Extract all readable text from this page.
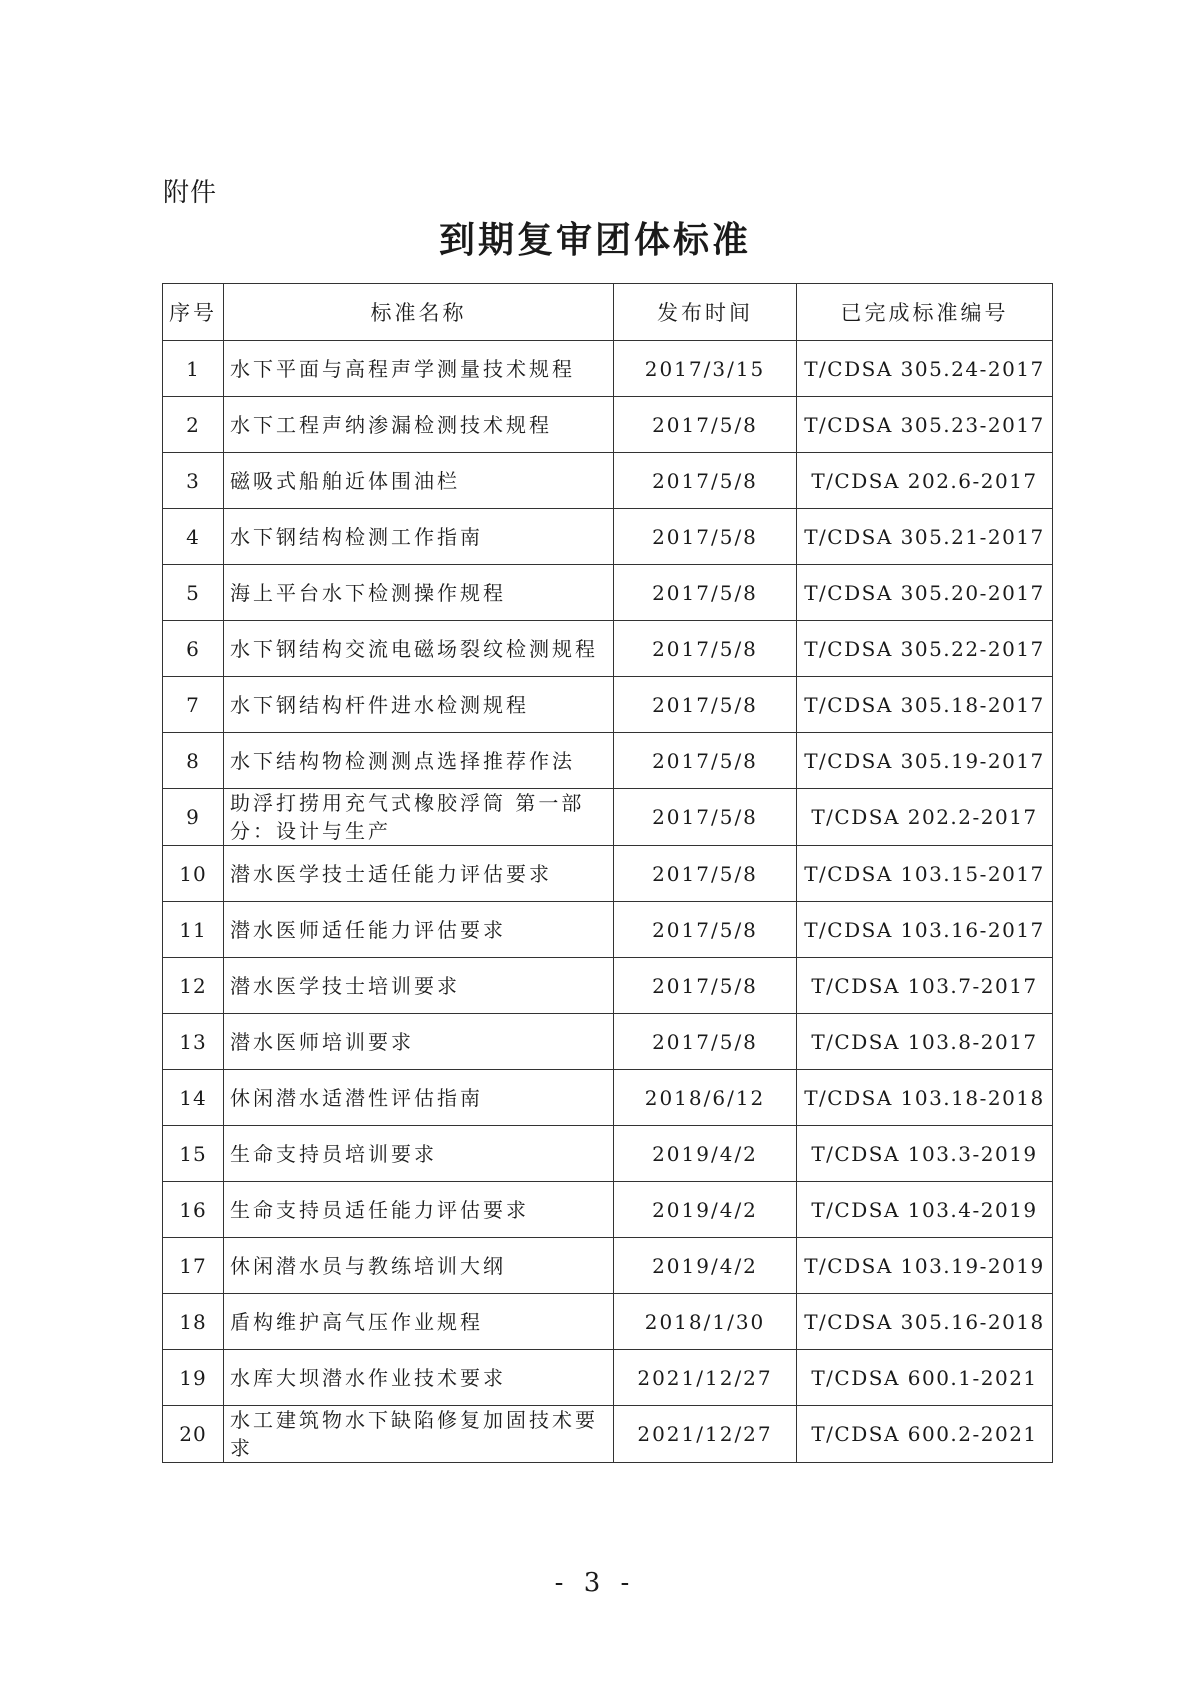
附件
到期复审团体标准
序号	标准名称	发布时间	已完成标准编号
1	水下平面与高程声学测量技术规程	2017/3/15	T/CDSA 305.24-2017
2	水下工程声纳渗漏检测技术规程	2017/5/8	T/CDSA 305.23-2017
3	磁吸式船舶近体围油栏	2017/5/8	T/CDSA 202.6-2017
4	水下钢结构检测工作指南	2017/5/8	T/CDSA 305.21-2017
5	海上平台水下检测操作规程	2017/5/8	T/CDSA 305.20-2017
6	水下钢结构交流电磁场裂纹检测规程	2017/5/8	T/CDSA 305.22-2017
7	水下钢结构杆件进水检测规程	2017/5/8	T/CDSA 305.18-2017
8	水下结构物检测测点选择推荐作法	2017/5/8	T/CDSA 305.19-2017
9	助浮打捞用充气式橡胶浮筒 第一部分：设计与生产	2017/5/8	T/CDSA 202.2-2017
10	潜水医学技士适任能力评估要求	2017/5/8	T/CDSA 103.15-2017
11	潜水医师适任能力评估要求	2017/5/8	T/CDSA 103.16-2017
12	潜水医学技士培训要求	2017/5/8	T/CDSA 103.7-2017
13	潜水医师培训要求	2017/5/8	T/CDSA 103.8-2017
14	休闲潜水适潜性评估指南	2018/6/12	T/CDSA 103.18-2018
15	生命支持员培训要求	2019/4/2	T/CDSA 103.3-2019
16	生命支持员适任能力评估要求	2019/4/2	T/CDSA 103.4-2019
17	休闲潜水员与教练培训大纲	2019/4/2	T/CDSA 103.19-2019
18	盾构维护高气压作业规程	2018/1/30	T/CDSA 305.16-2018
19	水库大坝潜水作业技术要求	2021/12/27	T/CDSA 600.1-2021
20	水工建筑物水下缺陷修复加固技术要求	2021/12/27	T/CDSA 600.2-2021
- 3 -
